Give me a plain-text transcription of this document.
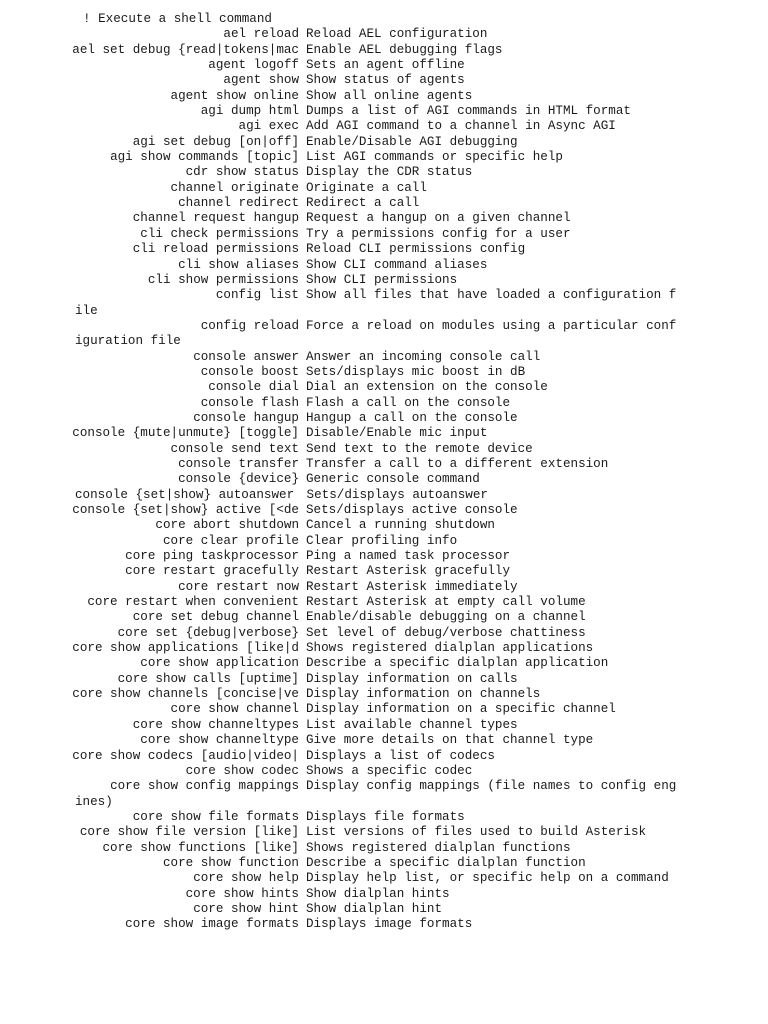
! Execute a shell command
ael reload Reload AEL configuration
ael set debug {read|tokens|mac Enable AEL debugging flags
agent logoff Sets an agent offline
agent show Show status of agents
agent show online Show all online agents
agi dump html Dumps a list of AGI commands in HTML format
agi exec Add AGI command to a channel in Async AGI
agi set debug [on|off] Enable/Disable AGI debugging
agi show commands [topic] List AGI commands or specific help
cdr show status Display the CDR status
channel originate Originate a call
channel redirect Redirect a call
channel request hangup Request a hangup on a given channel
cli check permissions Try a permissions config for a user
cli reload permissions Reload CLI permissions config
cli show aliases Show CLI command aliases
cli show permissions Show CLI permissions
config list Show all files that have loaded a configuration f
ile
config reload Force a reload on modules using a particular conf
iguration file
console answer Answer an incoming console call
console boost Sets/displays mic boost in dB
console dial Dial an extension on the console
console flash Flash a call on the console
console hangup Hangup a call on the console
console {mute|unmute} [toggle] Disable/Enable mic input
console send text Send text to the remote device
console transfer Transfer a call to a different extension
console {device} Generic console command
console {set|show} autoanswer Sets/displays autoanswer
console {set|show} active [<de Sets/displays active console
core abort shutdown Cancel a running shutdown
core clear profile Clear profiling info
core ping taskprocessor Ping a named task processor
core restart gracefully Restart Asterisk gracefully
core restart now Restart Asterisk immediately
core restart when convenient Restart Asterisk at empty call volume
core set debug channel Enable/disable debugging on a channel
core set {debug|verbose} Set level of debug/verbose chattiness
core show applications [like|d Shows registered dialplan applications
core show application Describe a specific dialplan application
core show calls [uptime] Display information on calls
core show channels [concise|ve Display information on channels
core show channel Display information on a specific channel
core show channeltypes List available channel types
core show channeltype Give more details on that channel type
core show codecs [audio|video| Displays a list of codecs
core show codec Shows a specific codec
core show config mappings Display config mappings (file names to config eng
ines)
core show file formats Displays file formats
core show file version [like] List versions of files used to build Asterisk
core show functions [like] Shows registered dialplan functions
core show function Describe a specific dialplan function
core show help Display help list, or specific help on a command
core show hints Show dialplan hints
core show hint Show dialplan hint
core show image formats Displays image formats
